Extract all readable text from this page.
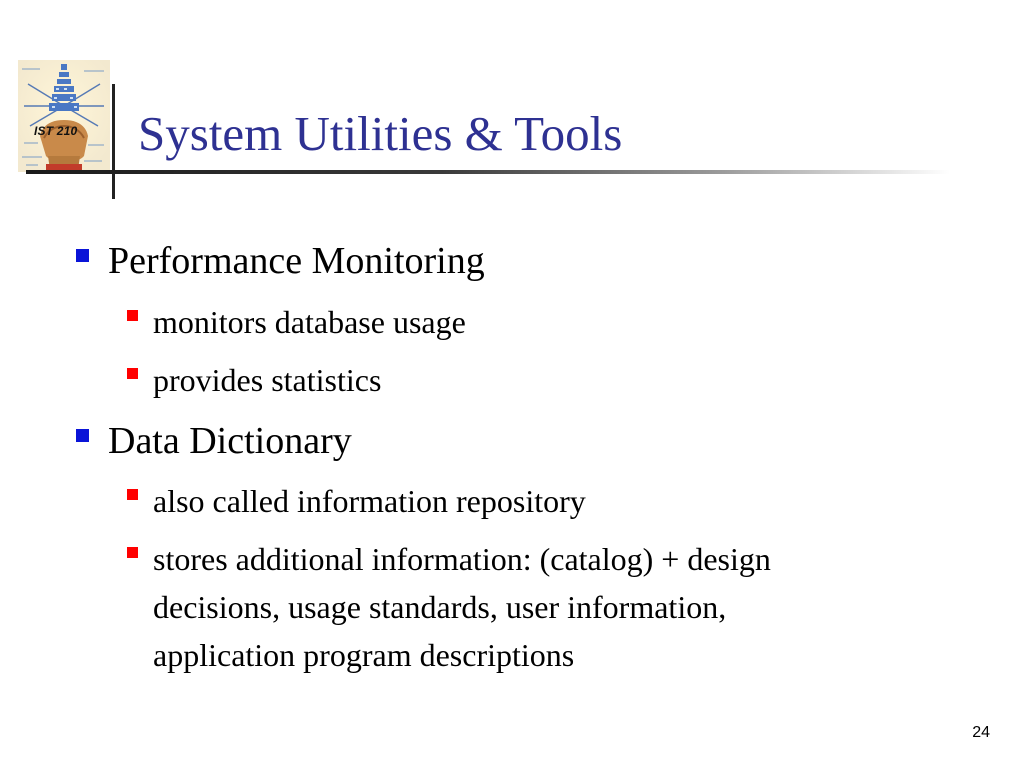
IST 210 System Utilities & Tools
Performance Monitoring
monitors database usage
provides statistics
Data Dictionary
also called information repository
stores additional information: (catalog) + design
decisions, usage standards, user information,
application program descriptions
24
